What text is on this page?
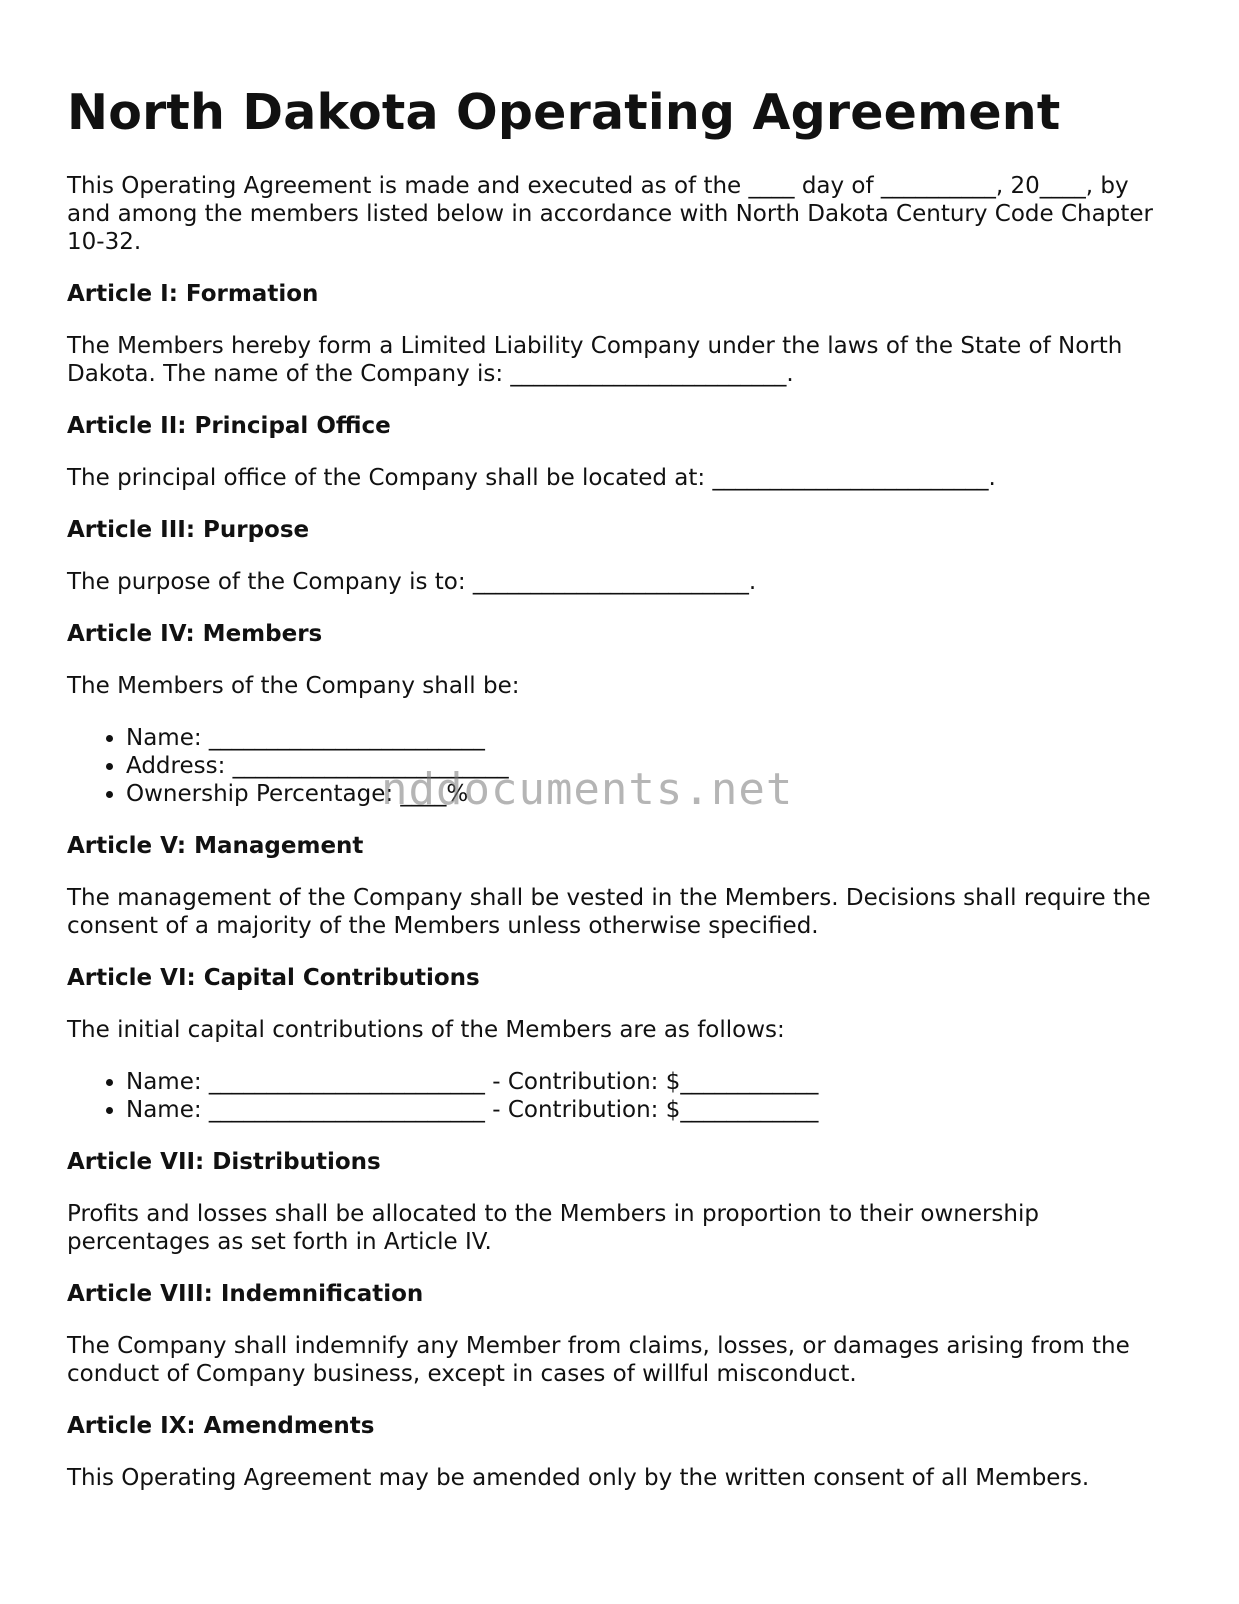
North Dakota Operating Agreement

This Operating Agreement is made and executed as of the ____ day of __________, 20____, by and among the members listed below in accordance with North Dakota Century Code Chapter 10-32.

Article I: Formation

The Members hereby form a Limited Liability Company under the laws of the State of North Dakota. The name of the Company is: ________________________.

Article II: Principal Office

The principal office of the Company shall be located at: ________________________.

Article III: Purpose

The purpose of the Company is to: ________________________.

Article IV: Members

The Members of the Company shall be:

• Name: ________________________
• Address: ________________________
• Ownership Percentage: ____%
Article V: Management

The management of the Company shall be vested in the Members. Decisions shall require the consent of a majority of the Members unless otherwise specified.

Article VI: Capital Contributions

The initial capital contributions of the Members are as follows:

• Name: ________________________ - Contribution: $____________
• Name: ________________________ - Contribution: $____________
Article VII: Distributions

Profits and losses shall be allocated to the Members in proportion to their ownership percentages as set forth in Article IV.

Article VIII: Indemnification

The Company shall indemnify any Member from claims, losses, or damages arising from the conduct of Company business, except in cases of willful misconduct.

Article IX: Amendments

This Operating Agreement may be amended only by the written consent of all Members.

nddocuments.net
